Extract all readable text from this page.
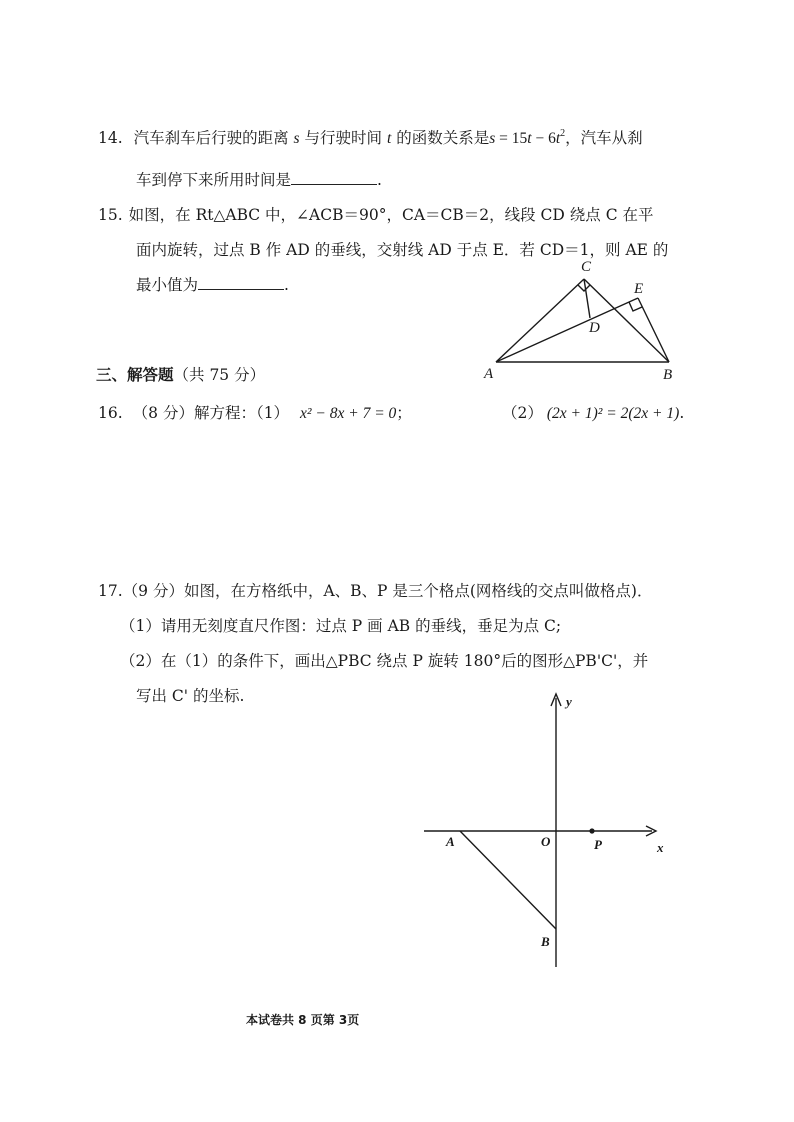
14. 汽车刹车后行驶的距离 s 与行驶时间 t 的函数关系是$s = 15t - 6t^2$，汽车从刹
车到停下来所用时间是	.
15. 如图，在 Rt△ABC 中，∠ACB＝90°，CA＝CB＝2，线段 CD 绕点 C 在平
面内旋转，过点 B 作 AD 的垂线，交射线 AD 于点 E．若 CD＝1，则 AE 的
最小值为	.
C
E
D
A	B
三、解答题（共 75 分）
16. （8 分）解方程：（1） x² − 8x + 7 = 0；	（2） (2x + 1)² = 2(2x + 1).
17.（9 分）如图，在方格纸中，A、B、P 是三个格点(网格线的交点叫做格点)．
（1）请用无刻度直尺作图：过点 P 画 AB 的垂线，垂足为点 C;
（2）在（1）的条件下，画出△PBC 绕点 P 旋转 180°后的图形△PB'C'，并
写出 C' 的坐标.	y
x
O
A	P
B
本试卷共 8 页第 3页
